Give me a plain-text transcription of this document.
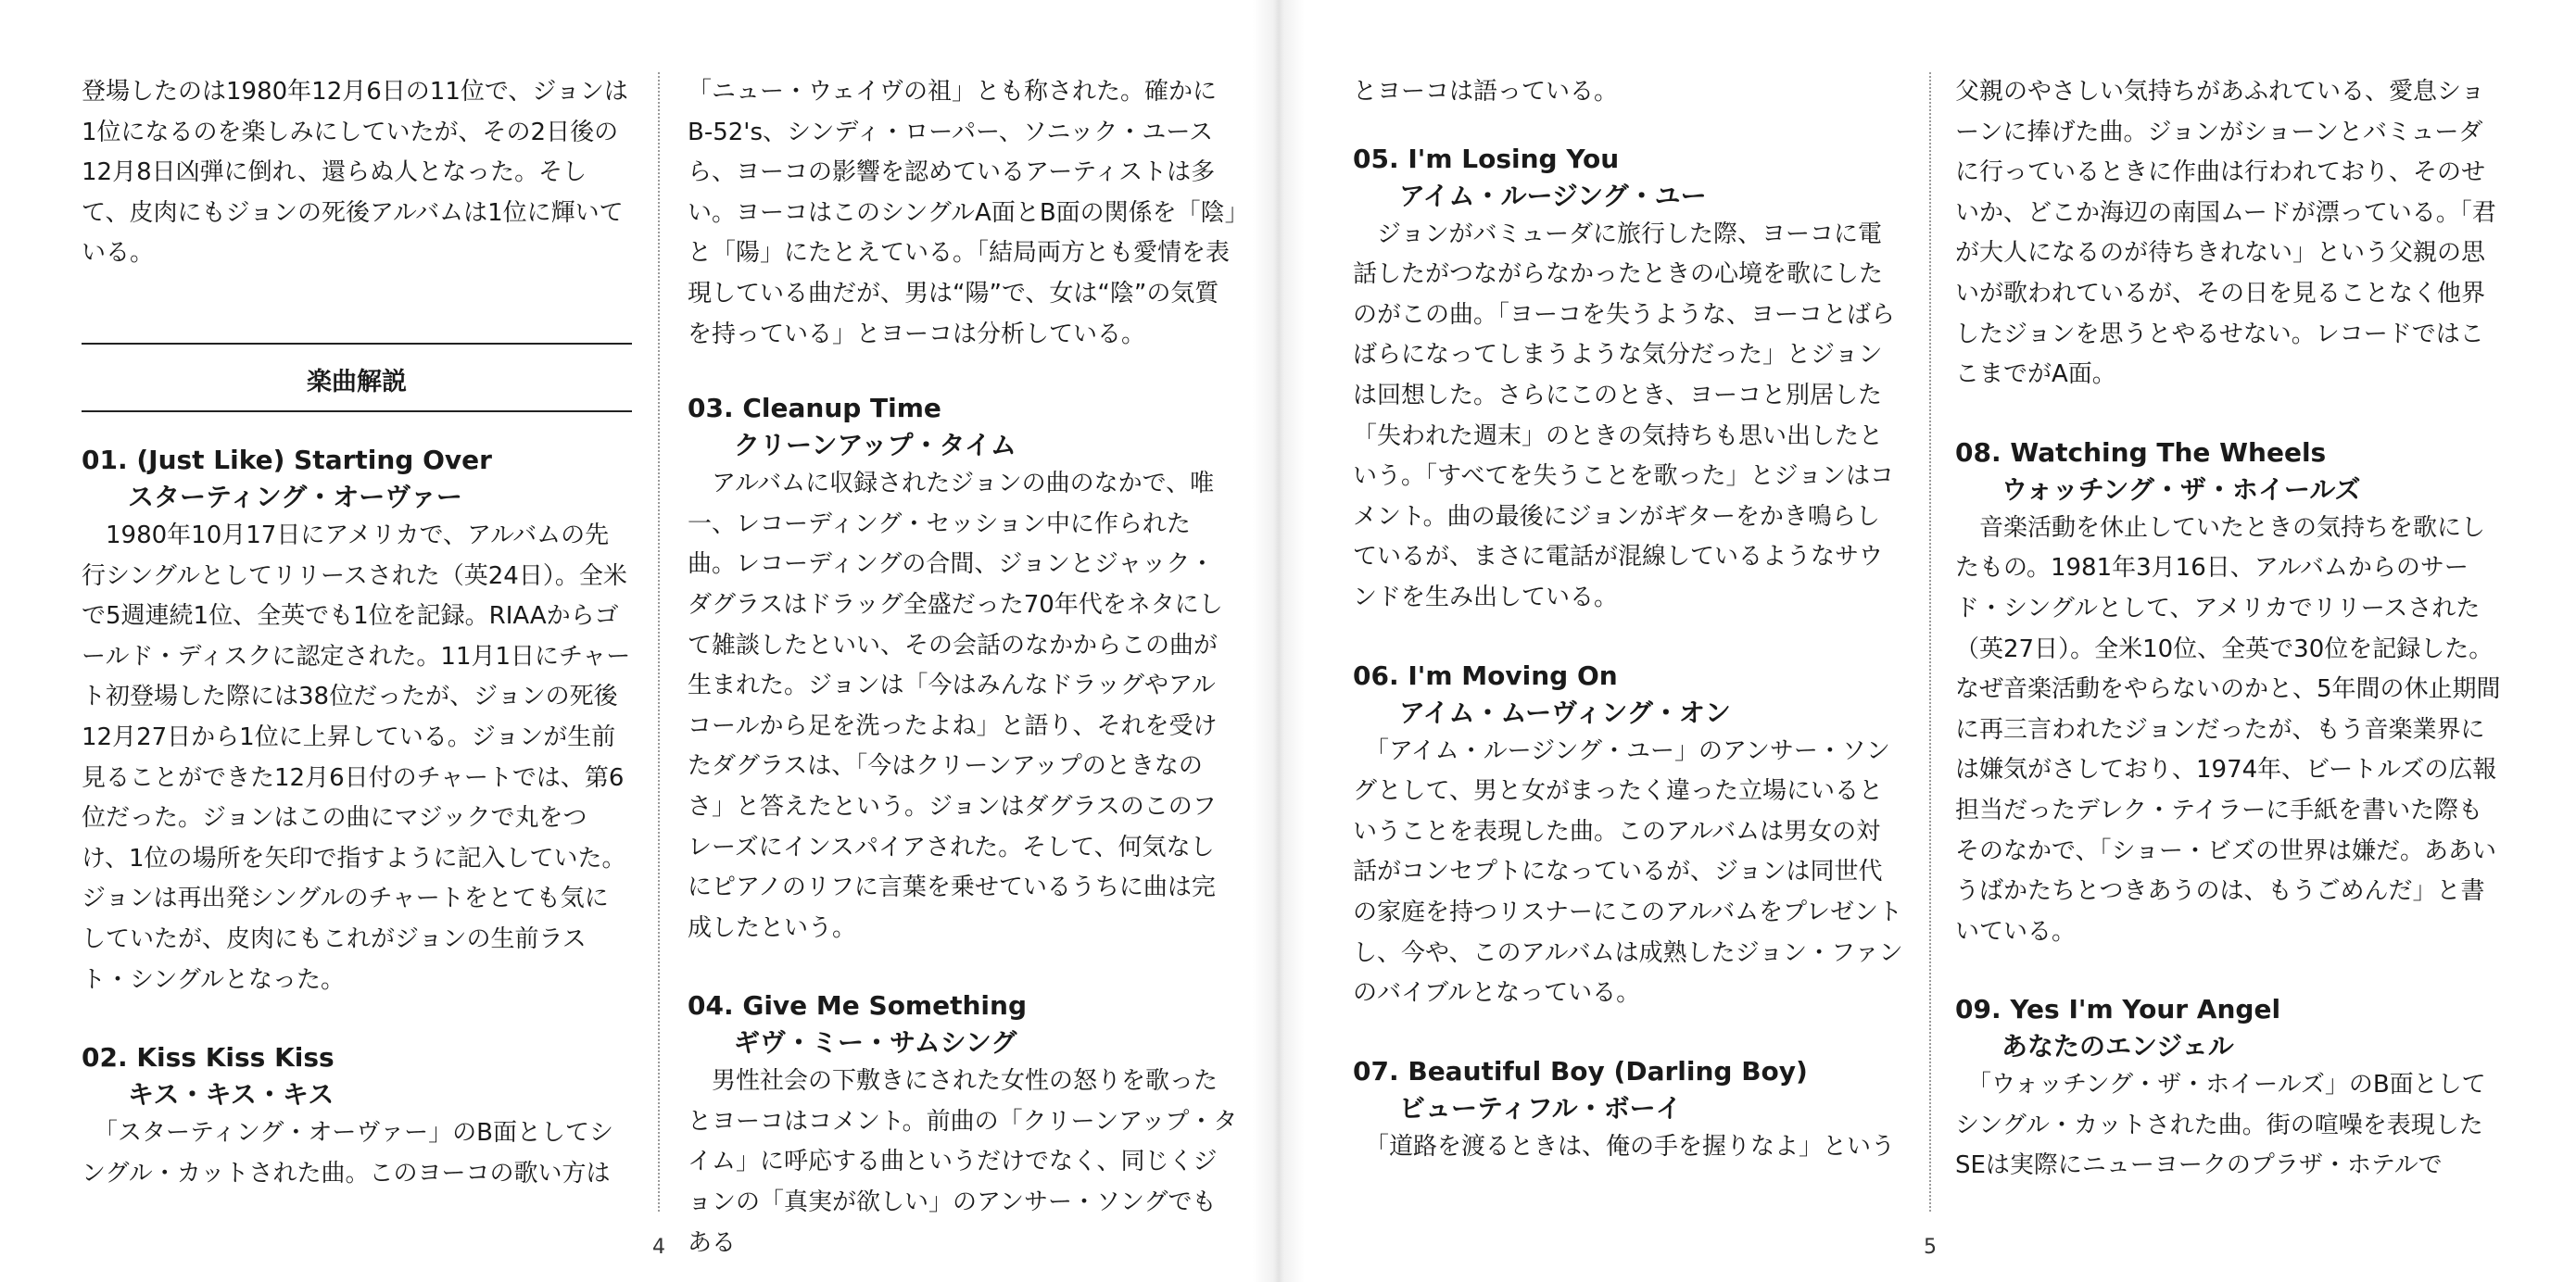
登場したのは1980年12月6日の11位で、ジョンは1位になるのを楽しみにしていたが、その2日後の12月8日凶弾に倒れ、還らぬ人となった。そして、皮肉にもジョンの死後アルバムは1位に輝いている。

楽曲解説

01. (Just Like) Starting Over

スターティング・オーヴァー

　1980年10月17日にアメリカで、アルバムの先行シングルとしてリリースされた（英24日）。全米で5週連続1位、全英でも1位を記録。RIAAからゴールド・ディスクに認定された。11月1日にチャート初登場した際には38位だったが、ジョンの死後12月27日から1位に上昇している。ジョンが生前見ることができた12月6日付のチャートでは、第6位だった。ジョンはこの曲にマジックで丸をつけ、1位の場所を矢印で指すように記入していた。ジョンは再出発シングルのチャートをとても気にしていたが、皮肉にもこれがジョンの生前ラスト・シングルとなった。

02. Kiss Kiss Kiss

キス・キス・キス

　「スターティング・オーヴァー」のB面としてシングル・カットされた曲。このヨーコの歌い方は

「ニュー・ウェイヴの祖」とも称された。確かにB-52's、シンディ・ローパー、ソニック・ユースら、ヨーコの影響を認めているアーティストは多い。ヨーコはこのシングルA面とB面の関係を「陰」と「陽」にたとえている。「結局両方とも愛情を表現している曲だが、男は“陽”で、女は“陰”の気質を持っている」とヨーコは分析している。

03. Cleanup Time

クリーンアップ・タイム

　アルバムに収録されたジョンの曲のなかで、唯一、レコーディング・セッション中に作られた曲。レコーディングの合間、ジョンとジャック・ダグラスはドラッグ全盛だった70年代をネタにして雑談したといい、その会話のなかからこの曲が生まれた。ジョンは「今はみんなドラッグやアルコールから足を洗ったよね」と語り、それを受けたダグラスは、「今はクリーンアップのときなのさ」と答えたという。ジョンはダグラスのこのフレーズにインスパイアされた。そして、何気なしにピアノのリフに言葉を乗せているうちに曲は完成したという。

04. Give Me Something

ギヴ・ミー・サムシング

　男性社会の下敷きにされた女性の怒りを歌ったとヨーコはコメント。前曲の「クリーンアップ・タイム」に呼応する曲というだけでなく、同じくジョンの「真実が欲しい」のアンサー・ソングでもある

4

とヨーコは語っている。

05. I'm Losing You

アイム・ルージング・ユー

　ジョンがバミューダに旅行した際、ヨーコに電話したがつながらなかったときの心境を歌にしたのがこの曲。「ヨーコを失うような、ヨーコとばらばらになってしまうような気分だった」とジョンは回想した。さらにこのとき、ヨーコと別居した「失われた週末」のときの気持ちも思い出したという。「すべてを失うことを歌った」とジョンはコメント。曲の最後にジョンがギターをかき鳴らしているが、まさに電話が混線しているようなサウンドを生み出している。

06. I'm Moving On

アイム・ムーヴィング・オン

　「アイム・ルージング・ユー」のアンサー・ソングとして、男と女がまったく違った立場にいるということを表現した曲。このアルバムは男女の対話がコンセプトになっているが、ジョンは同世代の家庭を持つリスナーにこのアルバムをプレゼントし、今や、このアルバムは成熟したジョン・ファンのバイブルとなっている。

07. Beautiful Boy (Darling Boy)

ビューティフル・ボーイ

　「道路を渡るときは、俺の手を握りなよ」という

父親のやさしい気持ちがあふれている、愛息ショーンに捧げた曲。ジョンがショーンとバミューダに行っているときに作曲は行われており、そのせいか、どこか海辺の南国ムードが漂っている。「君が大人になるのが待ちきれない」という父親の思いが歌われているが、その日を見ることなく他界したジョンを思うとやるせない。レコードではここまでがA面。

08. Watching The Wheels

ウォッチング・ザ・ホイールズ

　音楽活動を休止していたときの気持ちを歌にしたもの。1981年3月16日、アルバムからのサード・シングルとして、アメリカでリリースされた（英27日）。全米10位、全英で30位を記録した。なぜ音楽活動をやらないのかと、5年間の休止期間に再三言われたジョンだったが、もう音楽業界には嫌気がさしており、1974年、ビートルズの広報担当だったデレク・テイラーに手紙を書いた際もそのなかで、「ショー・ビズの世界は嫌だ。ああいうばかたちとつきあうのは、もうごめんだ」と書いている。

09. Yes I'm Your Angel

あなたのエンジェル

　「ウォッチング・ザ・ホイールズ」のB面としてシングル・カットされた曲。街の喧噪を表現したSEは実際にニューヨークのプラザ・ホテルで

5
